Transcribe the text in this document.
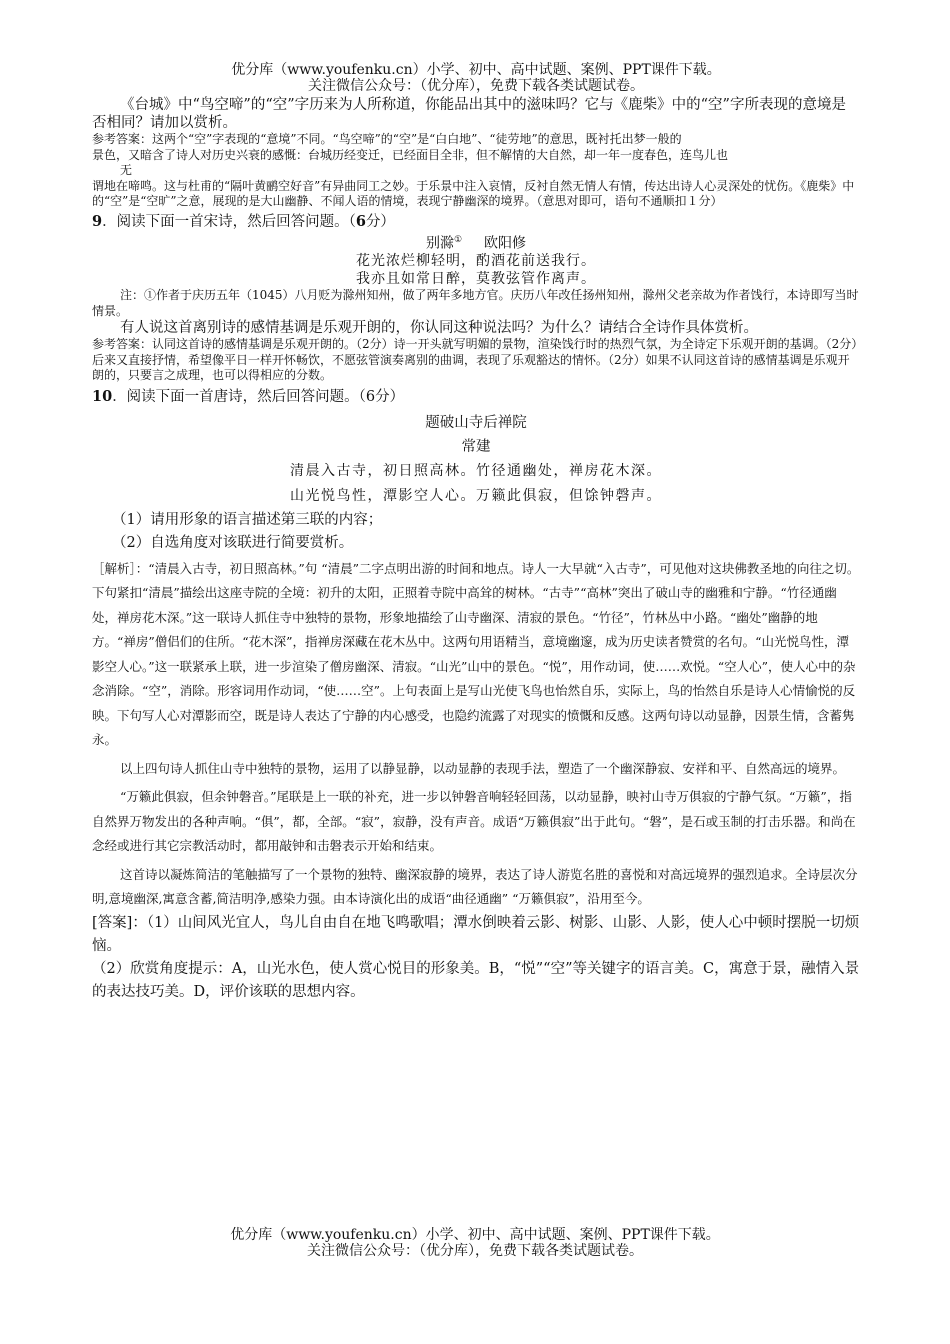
优分库（www.youfenku.cn）小学、初中、高中试题、案例、PPT课件下载。
关注微信公众号：（优分库），免费下载各类试题试卷。

《台城》中“鸟空啼”的“空”字历来为人所称道，你能品出其中的滋味吗？它与《鹿柴》中的“空”字所表现的意境是否相同？请加以赏析。

参考答案：这两个“空”字表现的“意境”不同。“鸟空啼”的“空”是“白白地”、“徒劳地”的意思，既衬托出梦一般的

景色，又暗含了诗人对历史兴衰的感慨：台城历经变迁，已经面目全非，但不解情的大自然，却一年一度春色，连鸟儿也

无

谓地在啼鸣。这与杜甫的“隔叶黄鹂空好音”有异曲同工之妙。于乐景中注入哀情，反衬自然无情人有情，传达出诗人心灵深处的忧伤。《鹿柴》中的“空”是“空旷”之意，展现的是大山幽静、不闻人语的情境，表现宁静幽深的境界。（意思对即可，语句不通顺扣１分）

9．阅读下面一首宋诗，然后回答问题。（6分）

别滁① 欧阳修

花光浓烂柳轻明，酌酒花前送我行。

我亦且如常日醉，莫教弦管作离声。

注：①作者于庆历五年（1045）八月贬为滁州知州，做了两年多地方官。庆历八年改任扬州知州，滁州父老亲故为作者饯行，本诗即写当时情景。

有人说这首离别诗的感情基调是乐观开朗的，你认同这种说法吗？为什么？请结合全诗作具体赏析。

参考答案：认同这首诗的感情基调是乐观开朗的。（2分）诗一开头就写明媚的景物，渲染饯行时的热烈气氛，为全诗定下乐观开朗的基调。（2分）后来又直接抒情，希望像平日一样开怀畅饮，不愿弦管演奏离别的曲调，表现了乐观豁达的情怀。（2分）如果不认同这首诗的感情基调是乐观开朗的，只要言之成理，也可以得相应的分数。

10．阅读下面一首唐诗，然后回答问题。（6分）

题破山寺后禅院

常建

清晨入古寺，初日照高林。竹径通幽处，禅房花木深。

山光悦鸟性，潭影空人心。万籁此俱寂，但馀钟磬声。

（1）请用形象的语言描述第三联的内容；

（2）自选角度对该联进行简要赏析。

［解析］：“清晨入古寺，初日照高林。”句 “清晨”二字点明出游的时间和地点。诗人一大早就“入古寺”，可见他对这块佛教圣地的向往之切。下句紧扣“清晨”描绘出这座寺院的全境：初升的太阳，正照着寺院中高耸的树林。“古寺”“高林”突出了破山寺的幽雅和宁静。“竹径通幽处，禅房花木深。”这一联诗人抓住寺中独特的景物，形象地描绘了山寺幽深、清寂的景色。“竹径”，竹林丛中小路。“幽处”幽静的地方。“禅房”僧侣们的住所。“花木深”，指禅房深藏在花木丛中。这两句用语精当，意境幽邃，成为历史读者赞赏的名句。“山光悦鸟性，潭影空人心。”这一联紧承上联，进一步渲染了僧房幽深、清寂。“山光”山中的景色。“悦”，用作动词，使……欢悦。“空人心”，使人心中的杂念消除。“空”，消除。形容词用作动词，“使……空”。上句表面上是写山光使飞鸟也怡然自乐，实际上，鸟的怡然自乐是诗人心情愉悦的反映。下句写人心对潭影而空，既是诗人表达了宁静的内心感受，也隐约流露了对现实的愤慨和反感。这两句诗以动显静，因景生情，含蓄隽永。

以上四句诗人抓住山寺中独特的景物，运用了以静显静，以动显静的表现手法，塑造了一个幽深静寂、安祥和平、自然高远的境界。

“万籁此俱寂，但余钟磐音。”尾联是上一联的补充，进一步以钟磐音响轻轻回荡，以动显静，映衬山寺万俱寂的宁静气氛。“万籁”，指自然界万物发出的各种声响。“俱”，都，全部。“寂”，寂静，没有声音。成语“万籁俱寂”出于此句。“磐”，是石或玉制的打击乐器。和尚在念经或进行其它宗教活动时，都用敲钟和击磐表示开始和结束。

这首诗以凝炼简洁的笔触描写了一个景物的独特、幽深寂静的境界，表达了诗人游览名胜的喜悦和对高远境界的强烈追求。全诗层次分明,意境幽深,寓意含蓄,简洁明净,感染力强。由本诗演化出的成语“曲径通幽” “万籁俱寂”，沿用至今。

[答案]：（1）山间风光宜人，鸟儿自由自在地飞鸣歌唱；潭水倒映着云影、树影、山影、人影，使人心中顿时摆脱一切烦恼。

（2）欣赏角度提示：A，山光水色，使人赏心悦目的形象美。B，“悦”“空”等关键字的语言美。C，寓意于景，融情入景的表达技巧美。D，评价该联的思想内容。

优分库（www.youfenku.cn）小学、初中、高中试题、案例、PPT课件下载。
关注微信公众号：（优分库），免费下载各类试题试卷。
